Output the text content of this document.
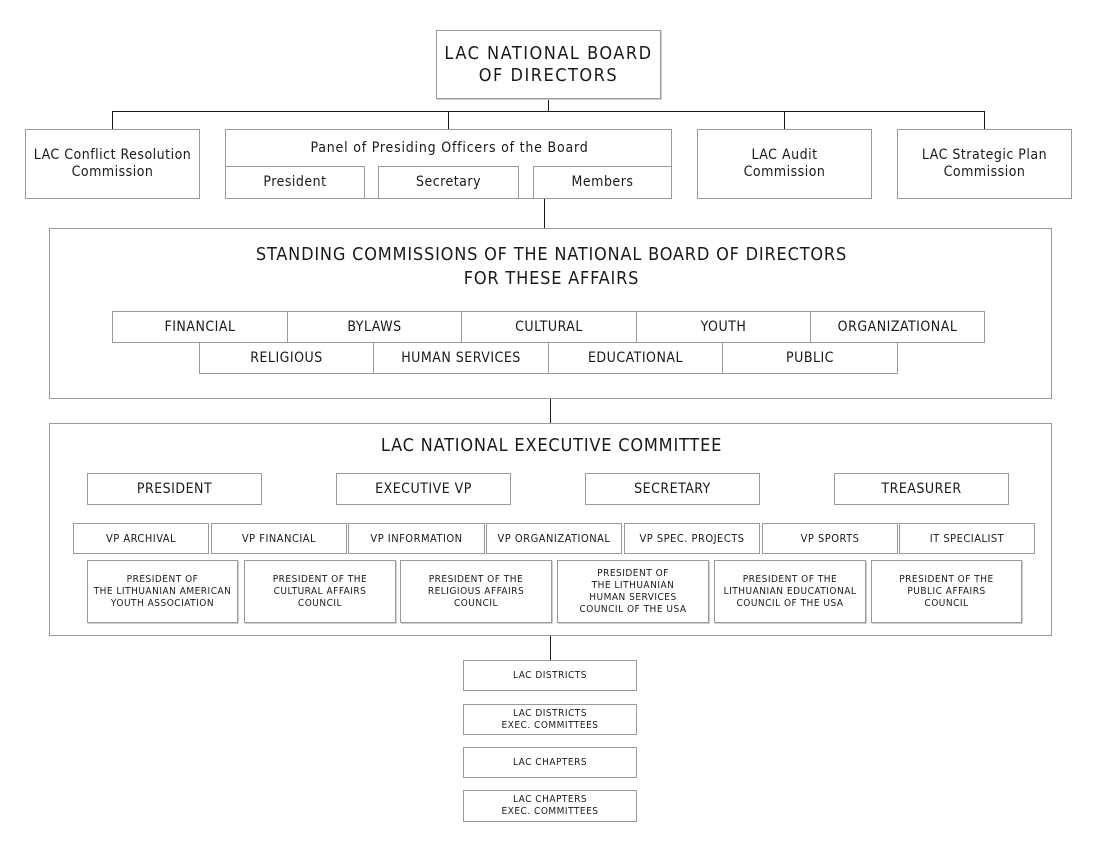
LAC NATIONAL BOARD
OF DIRECTORS
LAC Conflict Resolution
Commission
Panel of Presiding Officers of the Board
President	Secretary	Members
LAC Audit
Commission
LAC Strategic Plan
Commission
STANDING COMMISSIONS OF THE NATIONAL BOARD OF DIRECTORS
FOR THESE AFFAIRS
FINANCIAL	BYLAWS	CULTURAL	YOUTH	ORGANIZATIONAL
RELIGIOUS	HUMAN SERVICES	EDUCATIONAL	PUBLIC
LAC NATIONAL EXECUTIVE COMMITTEE
PRESIDENT	EXECUTIVE VP	SECRETARY	TREASURER
VP ARCHIVAL	VP FINANCIAL	VP INFORMATION	VP ORGANIZATIONAL	VP SPEC. PROJECTS	VP SPORTS	IT SPECIALIST
PRESIDENT OF
THE LITHUANIAN AMERICAN
YOUTH ASSOCIATION
PRESIDENT OF THE
CULTURAL AFFAIRS
COUNCIL
PRESIDENT OF THE
RELIGIOUS AFFAIRS
COUNCIL
PRESIDENT OF
THE LITHUANIAN
HUMAN SERVICES
COUNCIL OF THE USA
PRESIDENT OF THE
LITHUANIAN EDUCATIONAL
COUNCIL OF THE USA
PRESIDENT OF THE
PUBLIC AFFAIRS
COUNCIL
LAC DISTRICTS
LAC DISTRICTS
EXEC. COMMITTEES
LAC CHAPTERS
LAC CHAPTERS
EXEC. COMMITTEES
